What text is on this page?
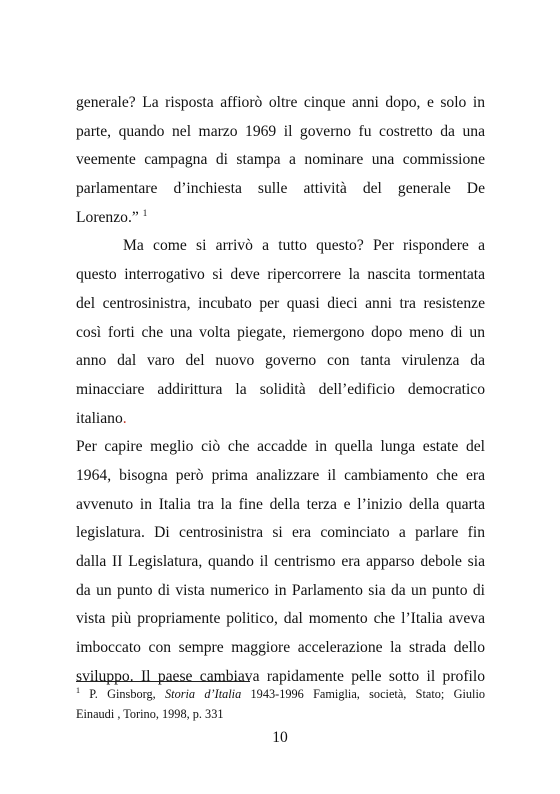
generale? La risposta affiorò oltre cinque anni dopo, e solo in
parte, quando nel marzo 1969 il governo fu costretto da una
veemente campagna di stampa a nominare una commissione
parlamentare d’inchiesta sulle attività del generale De
Lorenzo.” $^1$
Ma come si arrivò a tutto questo? Per rispondere a
questo interrogativo si deve ripercorrere la nascita tormentata
del centrosinistra, incubato per quasi dieci anni tra resistenze
così forti che una volta piegate, riemergono dopo meno di un
anno dal varo del nuovo governo con tanta virulenza da
minacciare addirittura la solidità dell’edificio democratico
italiano.
Per capire meglio ciò che accadde in quella lunga estate del
1964, bisogna però prima analizzare il cambiamento che era
avvenuto in Italia tra la fine della terza e l’inizio della quarta
legislatura. Di centrosinistra si era cominciato a parlare fin
dalla II Legislatura, quando il centrismo era apparso debole sia
da un punto di vista numerico in Parlamento sia da un punto di
vista più propriamente politico, dal momento che l’Italia aveva
imboccato con sempre maggiore accelerazione la strada dello
sviluppo. Il paese cambiava rapidamente pelle sotto il profilo
$^1$ P. Ginsborg, Storia d’Italia 1943-1996 Famiglia, società, Stato; Giulio
Einaudi , Torino, 1998, p. 331
10
